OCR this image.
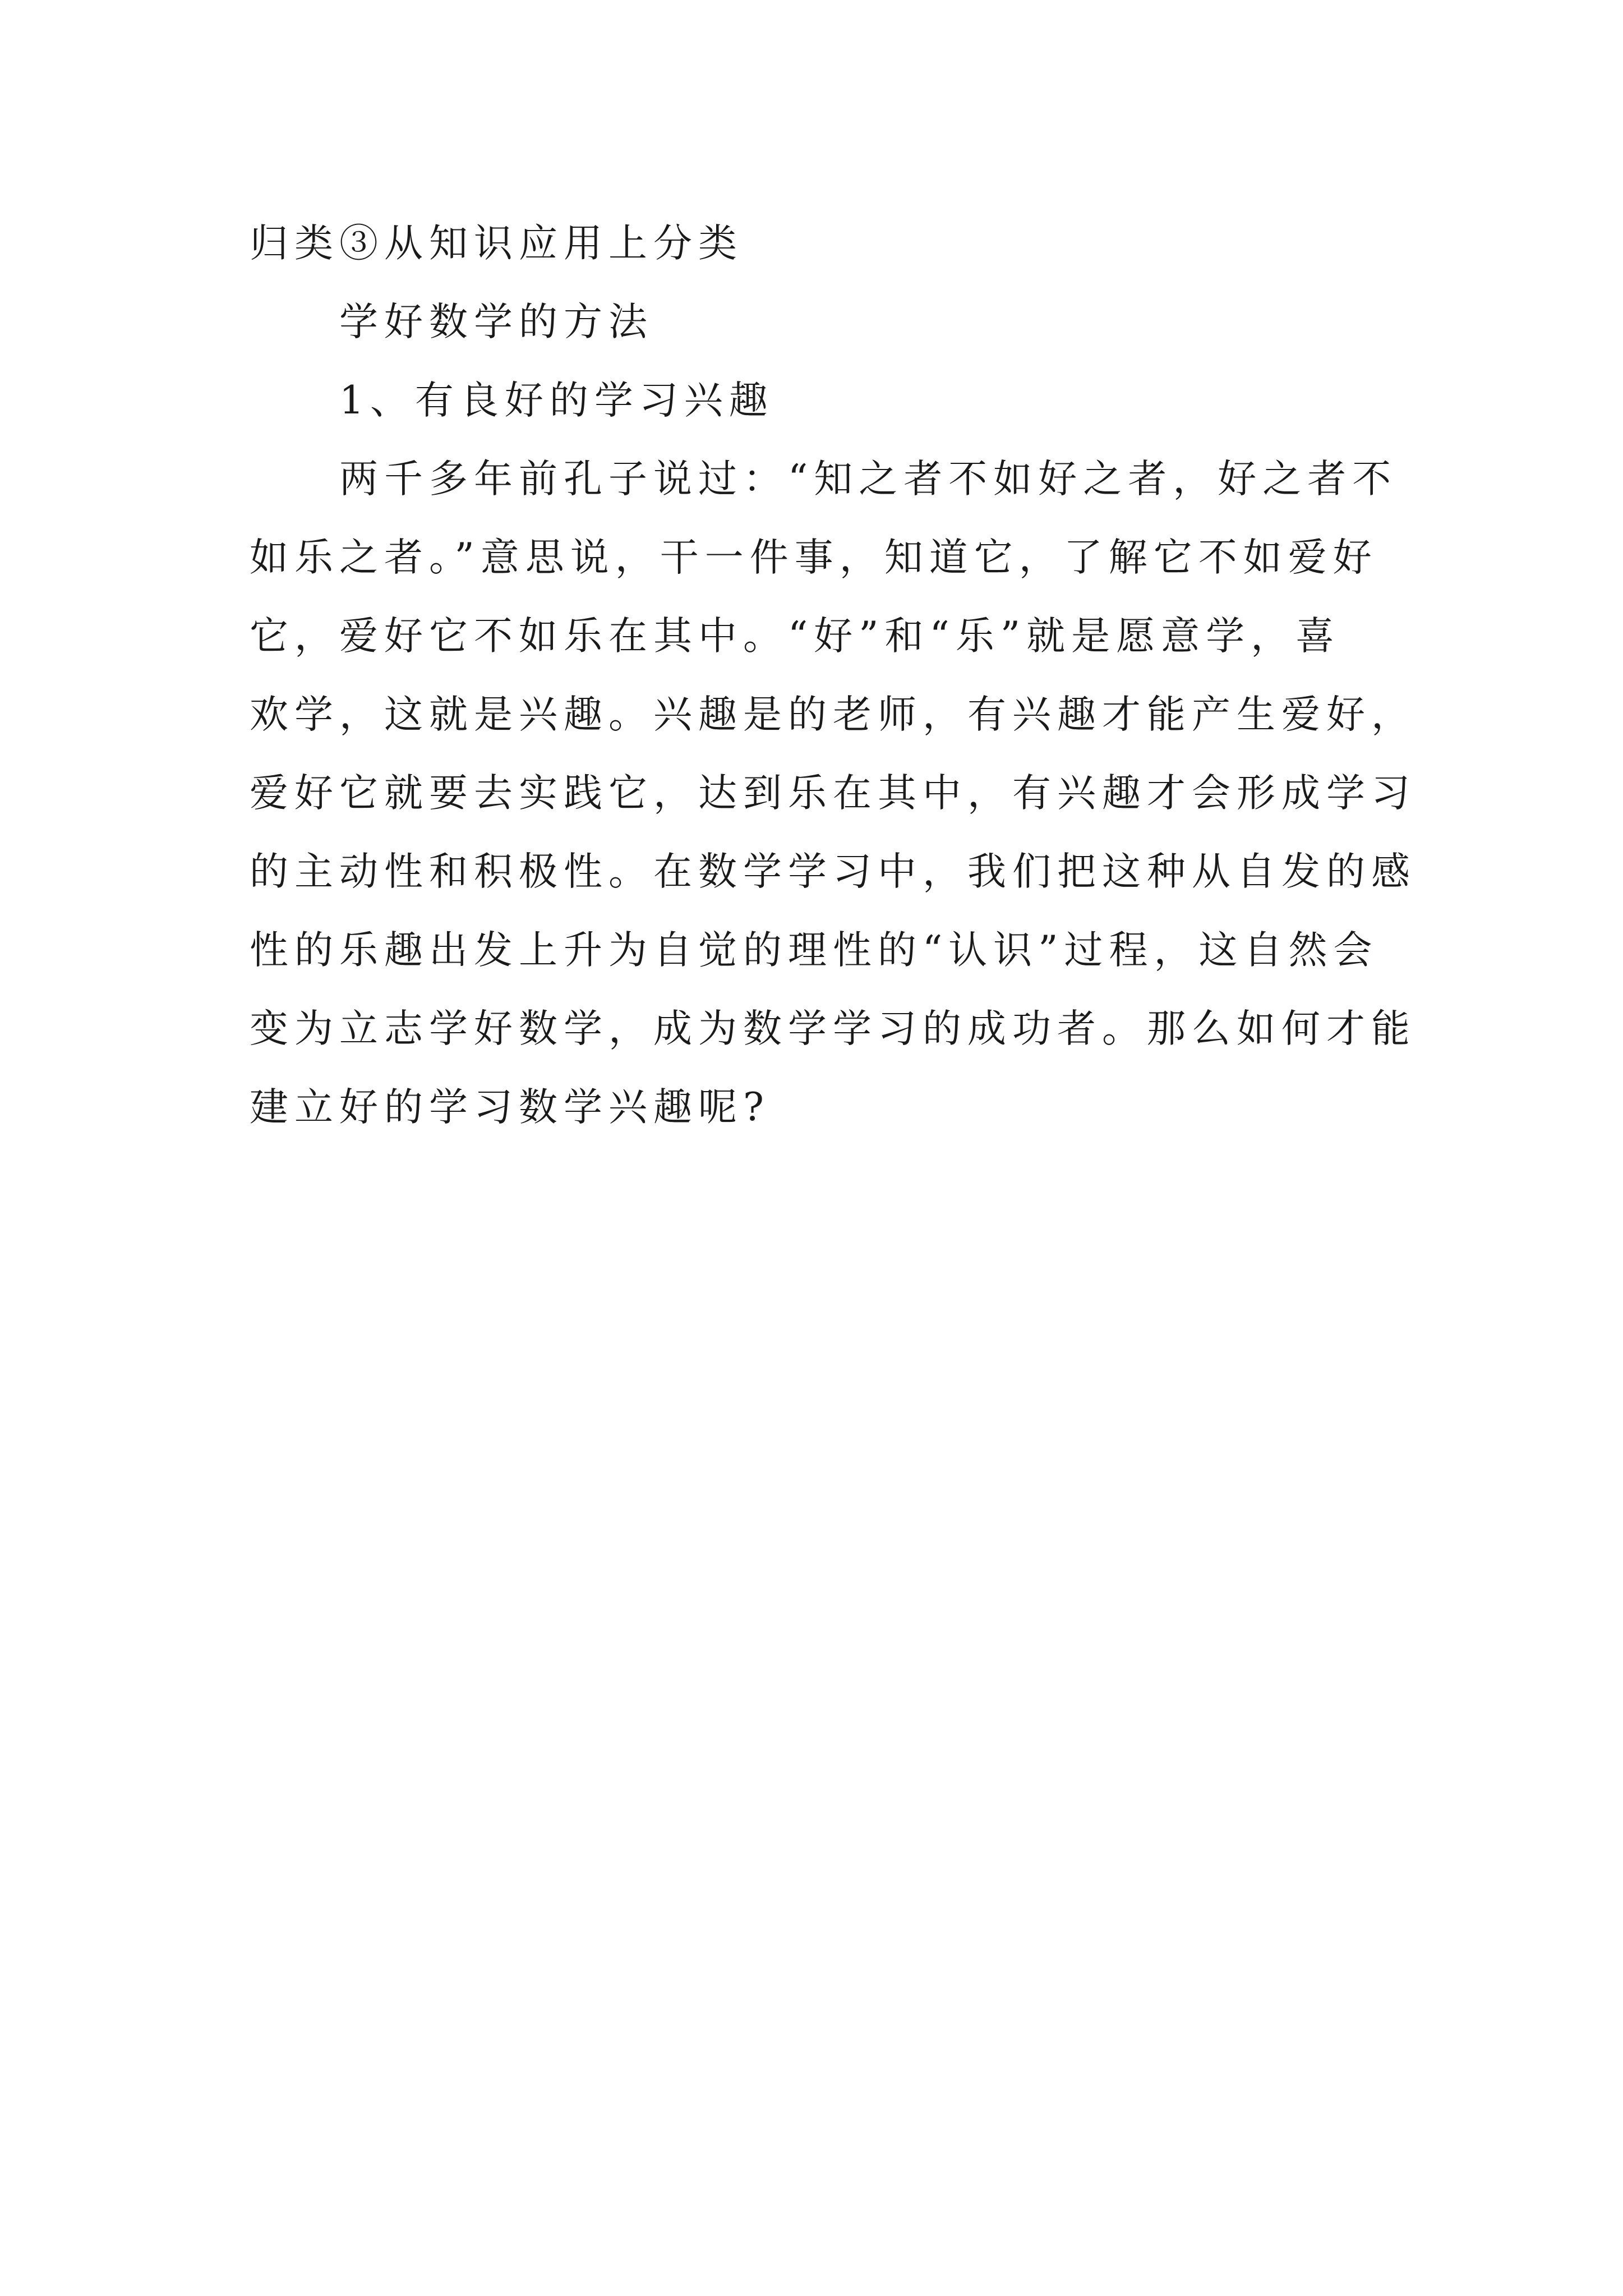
归类③从知识应用上分类
学好数学的方法
1、有良好的学习兴趣
两千多年前孔子说过：“知之者不如好之者，好之者不
如乐之者。”意思说，干一件事，知道它，了解它不如爱好
它，爱好它不如乐在其中。“好”和“乐”就是愿意学，喜
欢学，这就是兴趣。兴趣是的老师，有兴趣才能产生爱好，
爱好它就要去实践它，达到乐在其中，有兴趣才会形成学习
的主动性和积极性。在数学学习中，我们把这种从自发的感
性的乐趣出发上升为自觉的理性的“认识”过程，这自然会
变为立志学好数学，成为数学学习的成功者。那么如何才能
建立好的学习数学兴趣呢?
